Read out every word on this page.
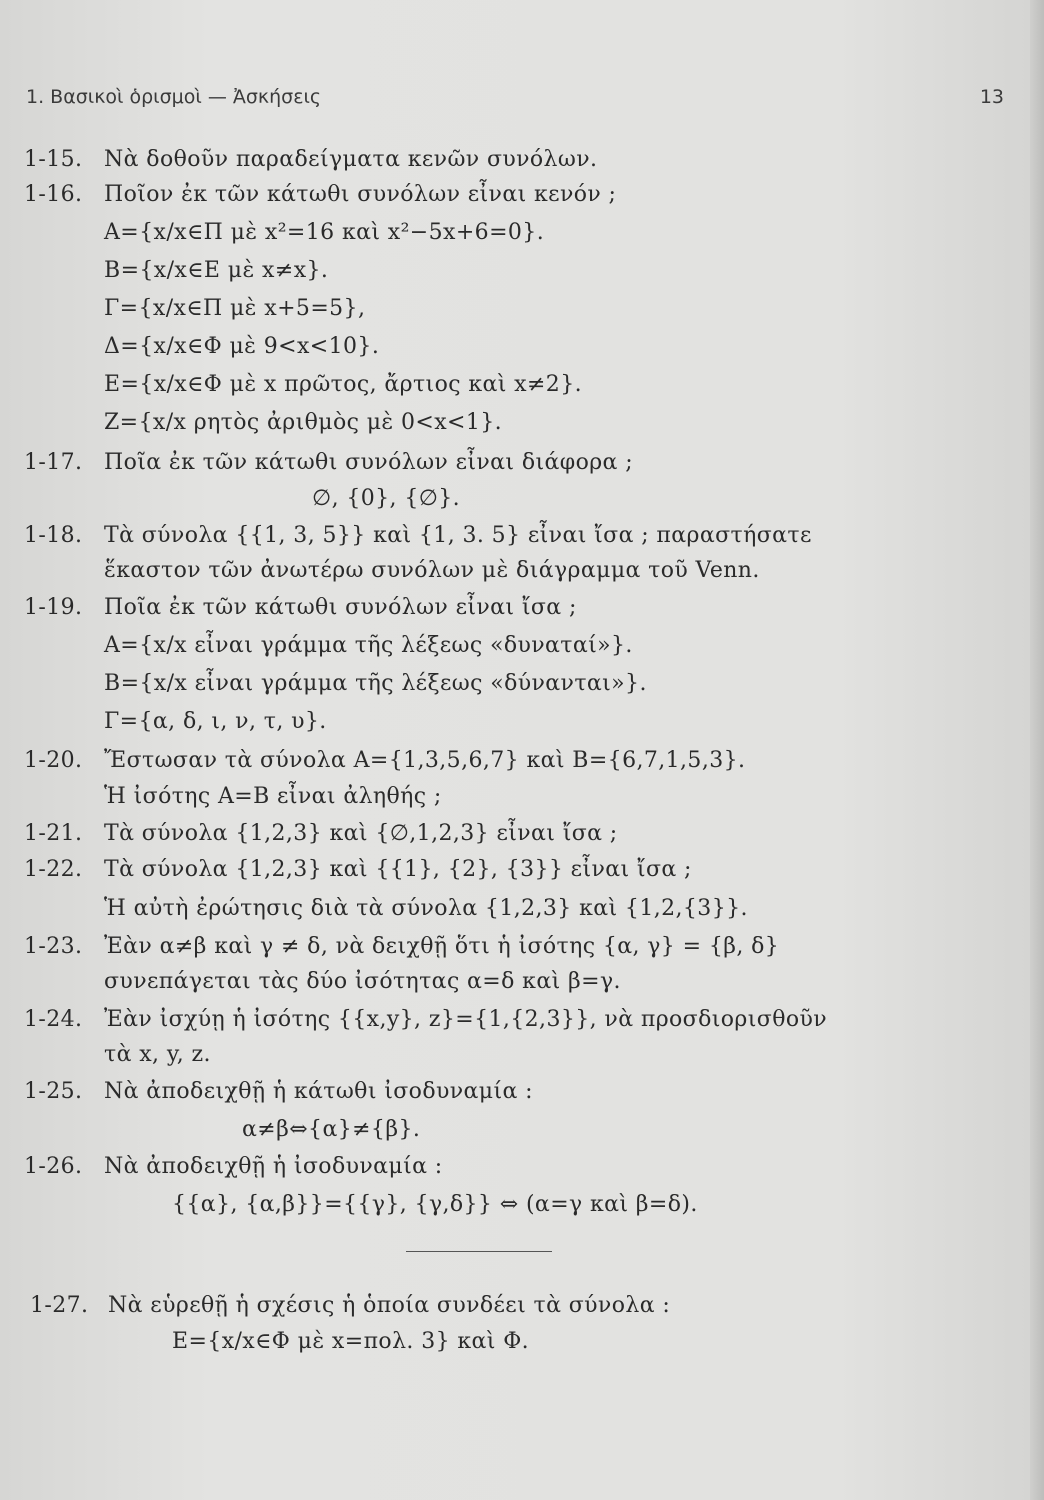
1. Βασικοὶ ὁρισμοὶ — Ἀσκήσεις	13
1-15. Νὰ δοθοῦν παραδείγματα κενῶν συνόλων.
1-16. Ποῖον ἐκ τῶν κάτωθι συνόλων εἶναι κενόν ;
Α={x/x∈Π μὲ x²=16 καὶ x²−5x+6=0}.
Β={x/x∈Ε μὲ x≠x}.
Γ={x/x∈Π μὲ x+5=5},
Δ={x/x∈Φ μὲ 9<x<10}.
Ε={x/x∈Φ μὲ x πρῶτος, ἄρτιος καὶ x≠2}.
Ζ={x/x ρητὸς ἀριθμὸς μὲ 0<x<1}.
1-17. Ποῖα ἐκ τῶν κάτωθι συνόλων εἶναι διάφορα ;
∅, {0}, {∅}.
1-18. Τὰ σύνολα {{1, 3, 5}} καὶ {1, 3. 5} εἶναι ἴσα ; παραστήσατε
ἕκαστον τῶν ἀνωτέρω συνόλων μὲ διάγραμμα τοῦ Venn.
1-19. Ποῖα ἐκ τῶν κάτωθι συνόλων εἶναι ἴσα ;
Α={x/x εἶναι γράμμα τῆς λέξεως «δυναταί»}.
Β={x/x εἶναι γράμμα τῆς λέξεως «δύνανται»}.
Γ={α, δ, ι, ν, τ, υ}.
1-20. Ἔστωσαν τὰ σύνολα Α={1,3,5,6,7} καὶ Β={6,7,1,5,3}.
Ἡ ἰσότης Α=Β εἶναι ἀληθής ;
1-21. Τὰ σύνολα {1,2,3} καὶ {∅,1,2,3} εἶναι ἴσα ;
1-22. Τὰ σύνολα {1,2,3} καὶ {{1}, {2}, {3}} εἶναι ἴσα ;
Ἡ αὐτὴ ἐρώτησις διὰ τὰ σύνολα {1,2,3} καὶ {1,2,{3}}.
1-23. Ἐὰν α≠β καὶ γ ≠ δ, νὰ δειχθῇ ὅτι ἡ ἰσότης {α, γ} = {β, δ}
συνεπάγεται τὰς δύο ἰσότητας α=δ καὶ β=γ.
1-24. Ἐὰν ἰσχύῃ ἡ ἰσότης {{x,y}, z}={1,{2,3}}, νὰ προσδιορισθοῦν
τὰ x, y, z.
1-25. Νὰ ἀποδειχθῇ ἡ κάτωθι ἰσοδυναμία :
α≠β⇔{α}≠{β}.
1-26. Νὰ ἀποδειχθῇ ἡ ἰσοδυναμία :
{{α}, {α,β}}={{γ}, {γ,δ}} ⇔ (α=γ καὶ β=δ).
1-27. Νὰ εὑρεθῇ ἡ σχέσις ἡ ὁποία συνδέει τὰ σύνολα :
Ε={x/x∈Φ μὲ x=πολ. 3} καὶ Φ.
